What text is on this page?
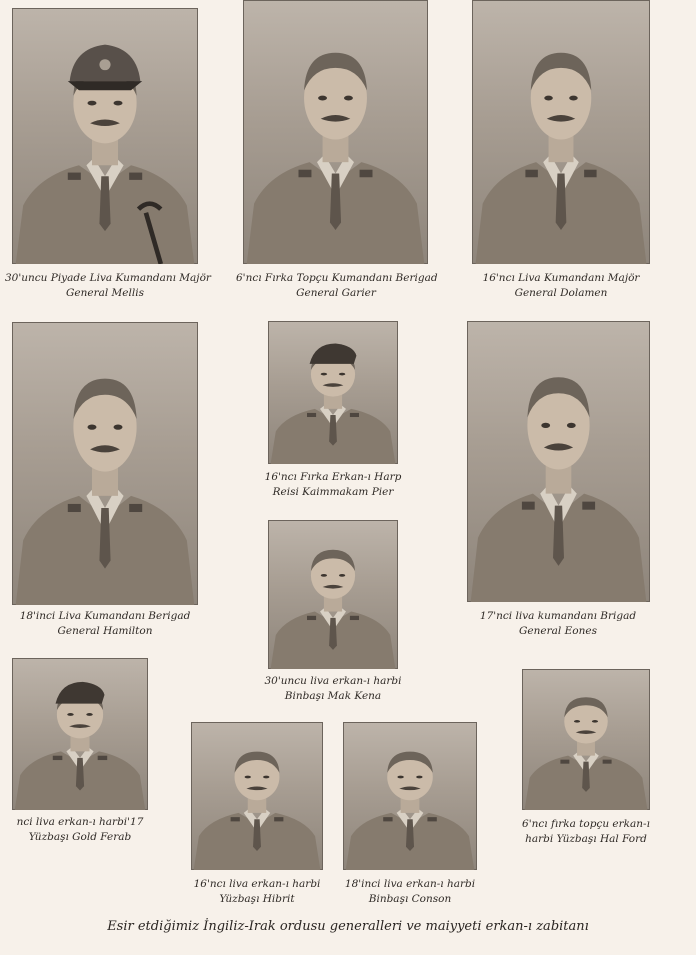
30'uncu Piyade Liva Kumandanı Majör
General Mellis
6'ncı Fırka Topçu Kumandanı Berigad
General Garier
16'ncı Liva Kumandanı Majör
General Dolamen
16'ncı Fırka Erkan-ı Harp
Reisi Kaimmakam Pier
18'inci Liva Kumandanı Berigad
General Hamilton
17'nci liva kumandanı Brigad
General Eones
30'uncu liva erkan-ı harbi
Binbaşı Mak Kena
nci liva erkan-ı harbi'17
Yüzbaşı Gold Ferab
6'ncı fırka topçu erkan-ı
harbi Yüzbaşı Hal Ford
16'ncı liva erkan-ı harbi
Yüzbaşı Hibrit
18'inci liva erkan-ı harbi
Binbaşı Conson
Esir etdiğimiz İngiliz-Irak ordusu generalleri ve maiyyeti erkan-ı zabitanı
